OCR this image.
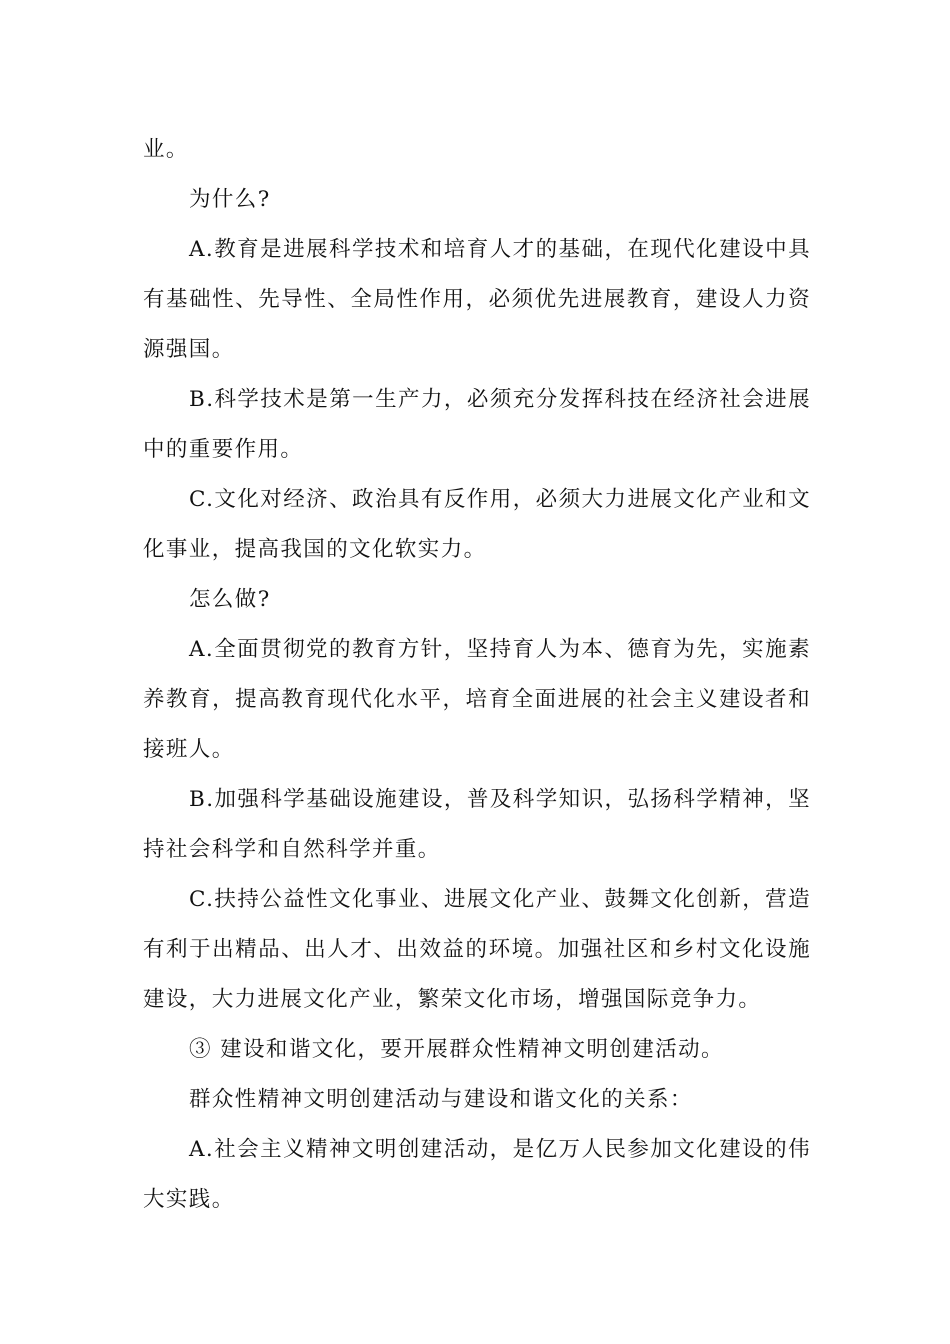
业。

为什么?

A.教育是进展科学技术和培育人才的基础，在现代化建设中具有基础性、先导性、全局性作用，必须优先进展教育，建设人力资源强国。

B.科学技术是第一生产力，必须充分发挥科技在经济社会进展中的重要作用。

C.文化对经济、政治具有反作用，必须大力进展文化产业和文化事业，提高我国的文化软实力。

怎么做?

A.全面贯彻党的教育方针，坚持育人为本、德育为先，实施素养教育，提高教育现代化水平，培育全面进展的社会主义建设者和接班人。

B.加强科学基础设施建设，普及科学知识，弘扬科学精神，坚持社会科学和自然科学并重。

C.扶持公益性文化事业、进展文化产业、鼓舞文化创新，营造有利于出精品、出人才、出效益的环境。加强社区和乡村文化设施建设，大力进展文化产业，繁荣文化市场，增强国际竞争力。

③ 建设和谐文化，要开展群众性精神文明创建活动。

群众性精神文明创建活动与建设和谐文化的关系：

A.社会主义精神文明创建活动，是亿万人民参加文化建设的伟大实践。
